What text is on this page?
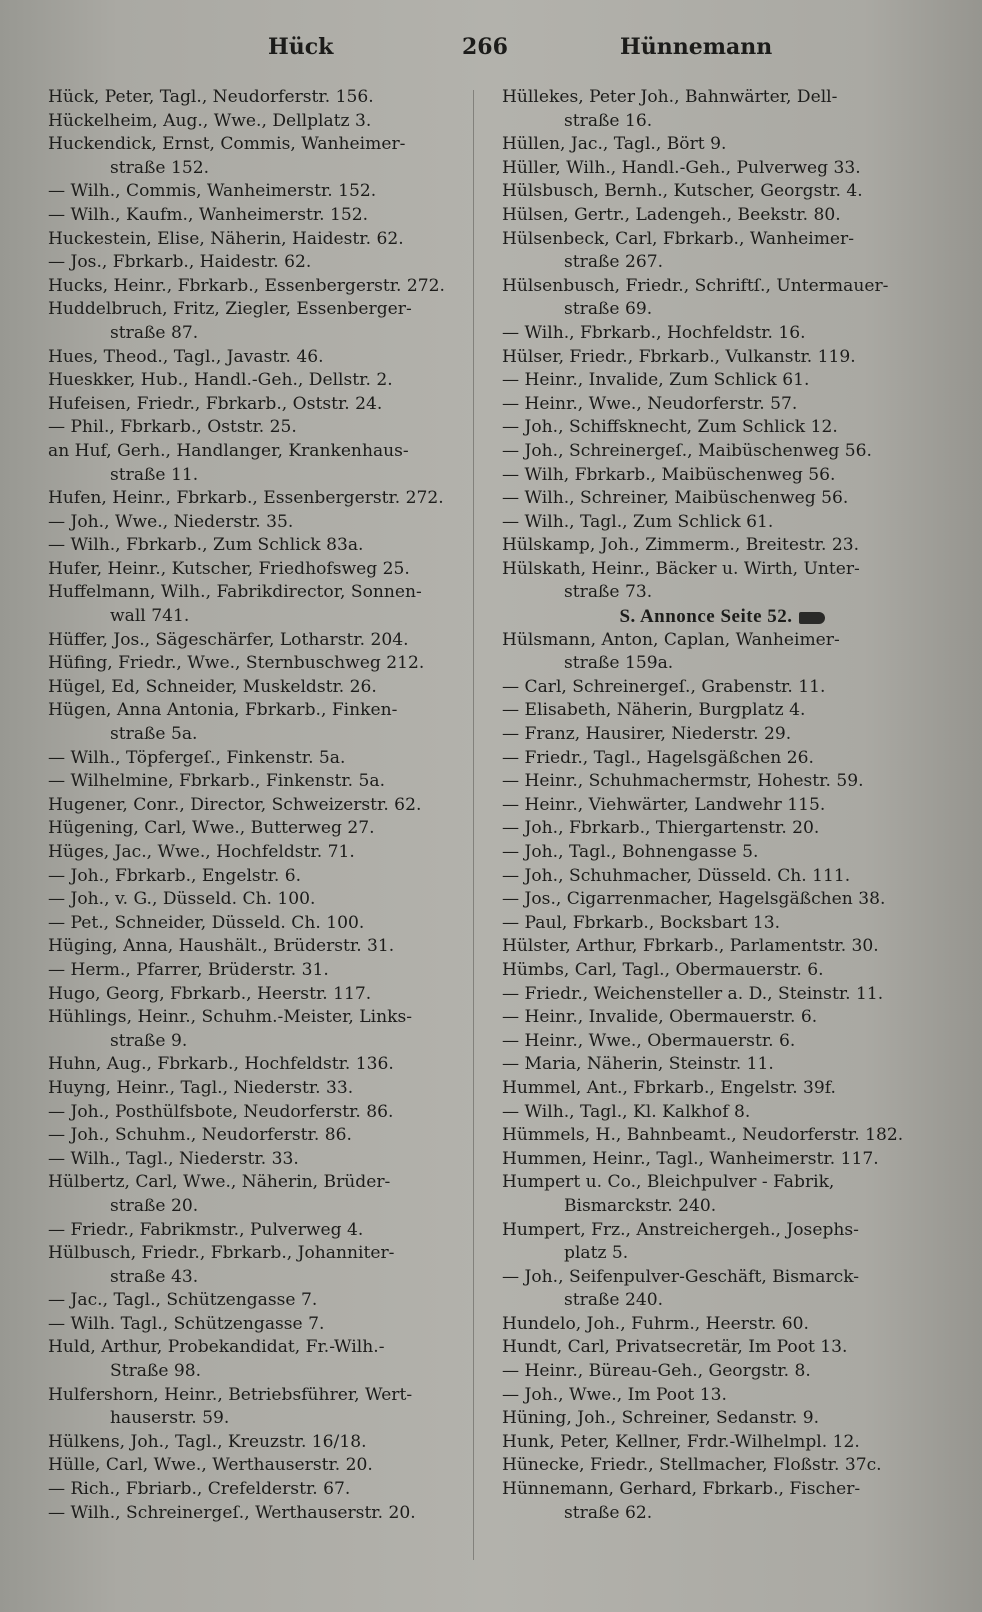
Hück	266	Hünnemann
Hück, Peter, Tagl., Neudorferstr. 156.
Hückelheim, Aug., Wwe., Dellplatz 3.
Huckendick, Ernst, Commis, Wanheimer-
straße 152.
— Wilh., Commis, Wanheimerstr. 152.
— Wilh., Kaufm., Wanheimerstr. 152.
Huckestein, Elise, Näherin, Haidestr. 62.
— Jos., Fbrkarb., Haidestr. 62.
Hucks, Heinr., Fbrkarb., Essenbergerstr. 272.
Huddelbruch, Fritz, Ziegler, Essenberger-
straße 87.
Hues, Theod., Tagl., Javastr. 46.
Hueskker, Hub., Handl.-Geh., Dellstr. 2.
Hufeisen, Friedr., Fbrkarb., Oststr. 24.
— Phil., Fbrkarb., Oststr. 25.
an Huf, Gerh., Handlanger, Krankenhaus-
straße 11.
Hufen, Heinr., Fbrkarb., Essenbergerstr. 272.
— Joh., Wwe., Niederstr. 35.
— Wilh., Fbrkarb., Zum Schlick 83a.
Hufer, Heinr., Kutscher, Friedhofsweg 25.
Huffelmann, Wilh., Fabrikdirector, Sonnen-
wall 741.
Hüffer, Jos., Sägeschärfer, Lotharstr. 204.
Hüfing, Friedr., Wwe., Sternbuschweg 212.
Hügel, Ed, Schneider, Muskeldstr. 26.
Hügen, Anna Antonia, Fbrkarb., Finken-
straße 5a.
— Wilh., Töpfergeſ., Finkenstr. 5a.
— Wilhelmine, Fbrkarb., Finkenstr. 5a.
Hugener, Conr., Director, Schweizerstr. 62.
Hügening, Carl, Wwe., Butterweg 27.
Hüges, Jac., Wwe., Hochfeldstr. 71.
— Joh., Fbrkarb., Engelstr. 6.
— Joh., v. G., Düsseld. Ch. 100.
— Pet., Schneider, Düsseld. Ch. 100.
Hüging, Anna, Haushält., Brüderstr. 31.
— Herm., Pfarrer, Brüderstr. 31.
Hugo, Georg, Fbrkarb., Heerstr. 117.
Hühlings, Heinr., Schuhm.-Meister, Links-
straße 9.
Huhn, Aug., Fbrkarb., Hochfeldstr. 136.
Huyng, Heinr., Tagl., Niederstr. 33.
— Joh., Posthülfsbote, Neudorferstr. 86.
— Joh., Schuhm., Neudorferstr. 86.
— Wilh., Tagl., Niederstr. 33.
Hülbertz, Carl, Wwe., Näherin, Brüder-
straße 20.
— Friedr., Fabrikmstr., Pulverweg 4.
Hülbusch, Friedr., Fbrkarb., Johanniter-
straße 43.
— Jac., Tagl., Schützengasse 7.
— Wilh. Tagl., Schützengasse 7.
Huld, Arthur, Probekandidat, Fr.-Wilh.-
Straße 98.
Hulfershorn, Heinr., Betriebsführer, Wert-
hauserstr. 59.
Hülkens, Joh., Tagl., Kreuzstr. 16/18.
Hülle, Carl, Wwe., Werthauserstr. 20.
— Rich., Fbriarb., Crefelderstr. 67.
— Wilh., Schreinergeſ., Werthauserstr. 20.
Hüllekes, Peter Joh., Bahnwärter, Dell-
straße 16.
Hüllen, Jac., Tagl., Bört 9.
Hüller, Wilh., Handl.-Geh., Pulverweg 33.
Hülsbusch, Bernh., Kutscher, Georgstr. 4.
Hülsen, Gertr., Ladengeh., Beekstr. 80.
Hülsenbeck, Carl, Fbrkarb., Wanheimer-
straße 267.
Hülsenbusch, Friedr., Schriftſ., Untermauer-
straße 69.
— Wilh., Fbrkarb., Hochfeldstr. 16.
Hülser, Friedr., Fbrkarb., Vulkanstr. 119.
— Heinr., Invalide, Zum Schlick 61.
— Heinr., Wwe., Neudorferstr. 57.
— Joh., Schiffsknecht, Zum Schlick 12.
— Joh., Schreinergeſ., Maibüschenweg 56.
— Wilh, Fbrkarb., Maibüschenweg 56.
— Wilh., Schreiner, Maibüschenweg 56.
— Wilh., Tagl., Zum Schlick 61.
Hülskamp, Joh., Zimmerm., Breitestr. 23.
Hülskath, Heinr., Bäcker u. Wirth, Unter-
straße 73.
S. Annonce Seite 52.
Hülsmann, Anton, Caplan, Wanheimer-
straße 159a.
— Carl, Schreinergeſ., Grabenstr. 11.
— Elisabeth, Näherin, Burgplatz 4.
— Franz, Hausirer, Niederstr. 29.
— Friedr., Tagl., Hagelsgäßchen 26.
— Heinr., Schuhmachermstr, Hohestr. 59.
— Heinr., Viehwärter, Landwehr 115.
— Joh., Fbrkarb., Thiergartenstr. 20.
— Joh., Tagl., Bohnengasse 5.
— Joh., Schuhmacher, Düsseld. Ch. 111.
— Jos., Cigarrenmacher, Hagelsgäßchen 38.
— Paul, Fbrkarb., Bocksbart 13.
Hülster, Arthur, Fbrkarb., Parlamentstr. 30.
Hümbs, Carl, Tagl., Obermauerstr. 6.
— Friedr., Weichensteller a. D., Steinstr. 11.
— Heinr., Invalide, Obermauerstr. 6.
— Heinr., Wwe., Obermauerstr. 6.
— Maria, Näherin, Steinstr. 11.
Hummel, Ant., Fbrkarb., Engelstr. 39f.
— Wilh., Tagl., Kl. Kalkhof 8.
Hümmels, H., Bahnbeamt., Neudorferstr. 182.
Hummen, Heinr., Tagl., Wanheimerstr. 117.
Humpert u. Co., Bleichpulver - Fabrik,
Bismarckstr. 240.
Humpert, Frz., Anstreichergeh., Josephs-
platz 5.
— Joh., Seifenpulver-Geschäft, Bismarck-
straße 240.
Hundelo, Joh., Fuhrm., Heerstr. 60.
Hundt, Carl, Privatsecretär, Im Poot 13.
— Heinr., Büreau-Geh., Georgstr. 8.
— Joh., Wwe., Im Poot 13.
Hüning, Joh., Schreiner, Sedanstr. 9.
Hunk, Peter, Kellner, Frdr.-Wilhelmpl. 12.
Hünecke, Friedr., Stellmacher, Floßstr. 37c.
Hünnemann, Gerhard, Fbrkarb., Fischer-
straße 62.
